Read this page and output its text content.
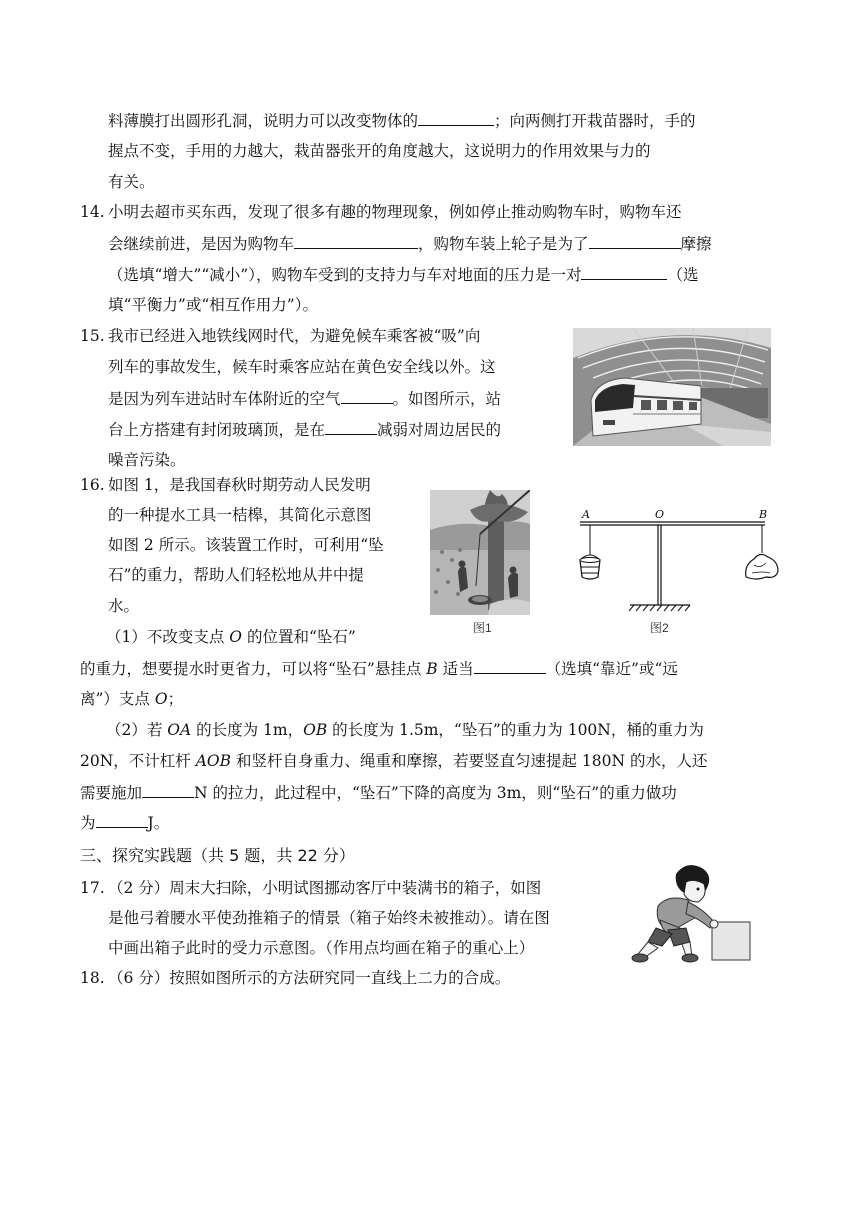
料薄膜打出圆形孔洞，说明力可以改变物体的	；向两侧打开栽苗器时，手的
握点不变，手用的力越大，栽苗器张开的角度越大，这说明力的作用效果与力的
有关。
14. 小明去超市买东西，发现了很多有趣的物理现象，例如停止推动购物车时，购物车还
会继续前进，是因为购物车	，购物车装上轮子是为了	摩擦
（选填“增大”“减小”），购物车受到的支持力与车对地面的压力是一对	（选
填“平衡力”或“相互作用力”）。
15. 我市已经进入地铁线网时代，为避免候车乘客被“吸”向
列车的事故发生，候车时乘客应站在黄色安全线以外。这
是因为列车进站时车体附近的空气	。如图所示，站
台上方搭建有封闭玻璃顶，是在	减弱对周边居民的
噪音污染。
16. 如图 1，是我国春秋时期劳动人民发明
的一种提水工具一桔槔，其简化示意图
如图 2 所示。该装置工作时，可利用“坠
石”的重力，帮助人们轻松地从井中提
水。
（1）不改变支点 O 的位置和“坠石”
的重力，想要提水时更省力，可以将“坠石”悬挂点 B 适当	（选填“靠近”或“远
离”）支点 O；
（2）若 OA 的长度为 1m，OB 的长度为 1.5m，“坠石”的重力为 100N，桶的重力为
20N，不计杠杆 AOB 和竖杆自身重力、绳重和摩擦，若要竖直匀速提起 180N 的水，人还
需要施加	N 的拉力，此过程中，“坠石”下降的高度为 3m，则“坠石”的重力做功
为	J。
图1
A	O	B
图2
三、探究实践题（共 5 题，共 22 分）
17. （2 分）周末大扫除，小明试图挪动客厅中装满书的箱子，如图
是他弓着腰水平使劲推箱子的情景（箱子始终未被推动）。请在图
中画出箱子此时的受力示意图。（作用点均画在箱子的重心上）
18. （6 分）按照如图所示的方法研究同一直线上二力的合成。
